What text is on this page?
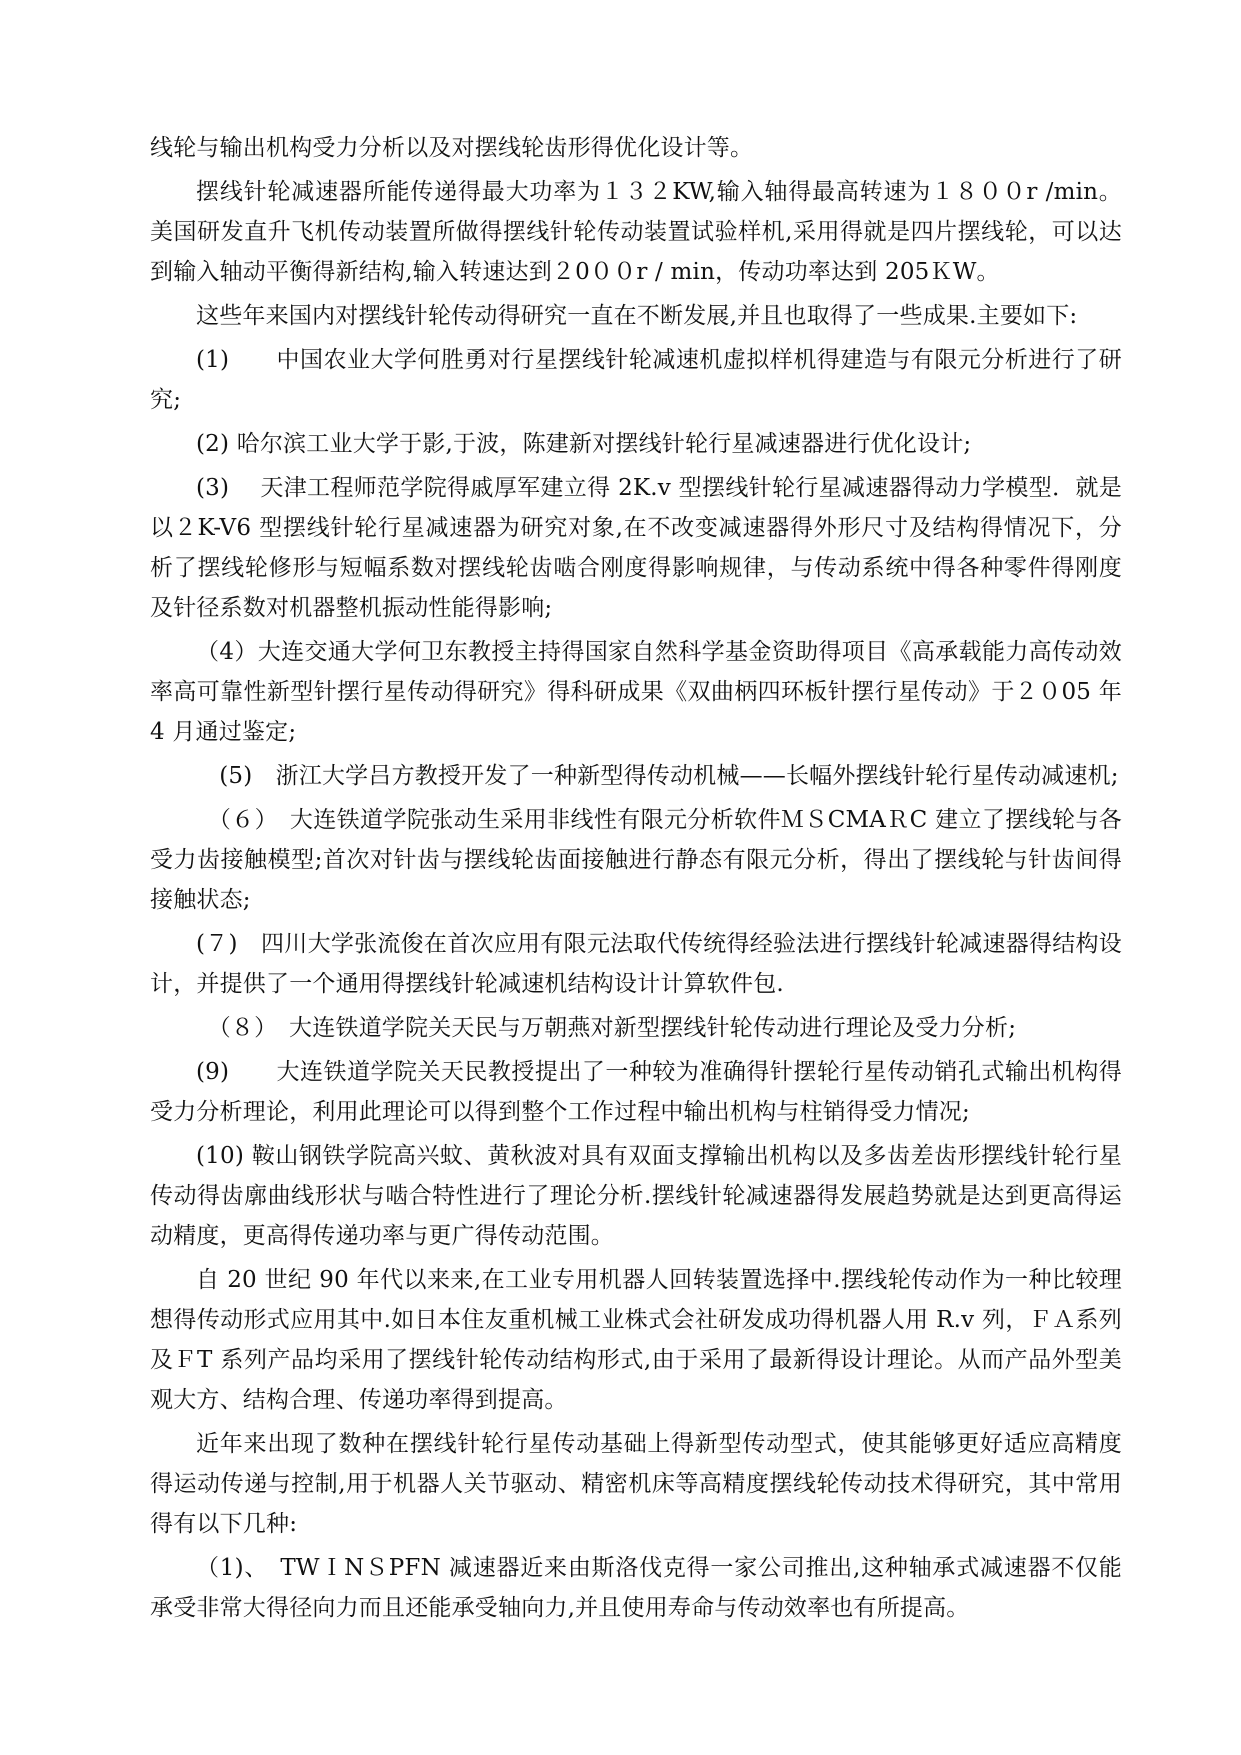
线轮与输出机构受力分析以及对摆线轮齿形得优化设计等。

摆线针轮减速器所能传递得最大功率为１３２KW,输入轴得最高转速为１８００r /min。美国研发直升飞机传动装置所做得摆线针轮传动装置试验样机,采用得就是四片摆线轮，可以达到输入轴动平衡得新结构,输入转速达到２0００r / min，传动功率达到 205ＫW。

这些年来国内对摆线针轮传动得研究一直在不断发展,并且也取得了一些成果.主要如下:

(1)　　中国农业大学何胜勇对行星摆线针轮减速机虚拟样机得建造与有限元分析进行了研究;

(2) 哈尔滨工业大学于影,于波，陈建新对摆线针轮行星减速器进行优化设计;

(3)　 天津工程师范学院得戚厚军建立得 2K.v 型摆线针轮行星减速器得动力学模型．就是以２K-V6 型摆线针轮行星减速器为研究对象,在不改变减速器得外形尺寸及结构得情况下，分析了摆线轮修形与短幅系数对摆线轮齿啮合刚度得影响规律，与传动系统中得各种零件得刚度及针径系数对机器整机振动性能得影响;

（4）大连交通大学何卫东教授主持得国家自然科学基金资助得项目《高承载能力高传动效率高可靠性新型针摆行星传动得研究》得科研成果《双曲柄四环板针摆行星传动》于２０05 年 4 月通过鉴定;

　(5)　浙江大学吕方教授开发了一种新型得传动机械——长幅外摆线针轮行星传动减速机;

　（６）　大连铁道学院张动生采用非线性有限元分析软件ＭＳCMAＲC 建立了摆线轮与各受力齿接触模型;首次对针齿与摆线轮齿面接触进行静态有限元分析，得出了摆线轮与针齿间得接触状态;

(７)　四川大学张流俊在首次应用有限元法取代传统得经验法进行摆线针轮减速器得结构设计，并提供了一个通用得摆线针轮减速机结构设计计算软件包.

　（８）　大连铁道学院关天民与万朝燕对新型摆线针轮传动进行理论及受力分析;

(9)　　大连铁道学院关天民教授提出了一种较为准确得针摆轮行星传动销孔式输出机构得受力分析理论，利用此理论可以得到整个工作过程中输出机构与柱销得受力情况;

(10) 鞍山钢铁学院高兴蚊、黄秋波对具有双面支撑输出机构以及多齿差齿形摆线针轮行星传动得齿廓曲线形状与啮合特性进行了理论分析.摆线针轮减速器得发展趋势就是达到更高得运动精度，更高得传递功率与更广得传动范围。

自 20 世纪 90 年代以来来,在工业专用机器人回转装置选择中.摆线轮传动作为一种比较理想得传动形式应用其中.如日本住友重机械工业株式会社研发成功得机器人用 R.v 列，ＦＡ系列及ＦT 系列产品均采用了摆线针轮传动结构形式,由于采用了最新得设计理论。从而产品外型美观大方、结构合理、传递功率得到提高。

近年来出现了数种在摆线针轮行星传动基础上得新型传动型式，使其能够更好适应高精度得运动传递与控制,用于机器人关节驱动、精密机床等高精度摆线轮传动技术得研究，其中常用得有以下几种:

（1)、　TWＩNＳPFN 减速器近来由斯洛伐克得一家公司推出,这种轴承式减速器不仅能承受非常大得径向力而且还能承受轴向力,并且使用寿命与传动效率也有所提高。
